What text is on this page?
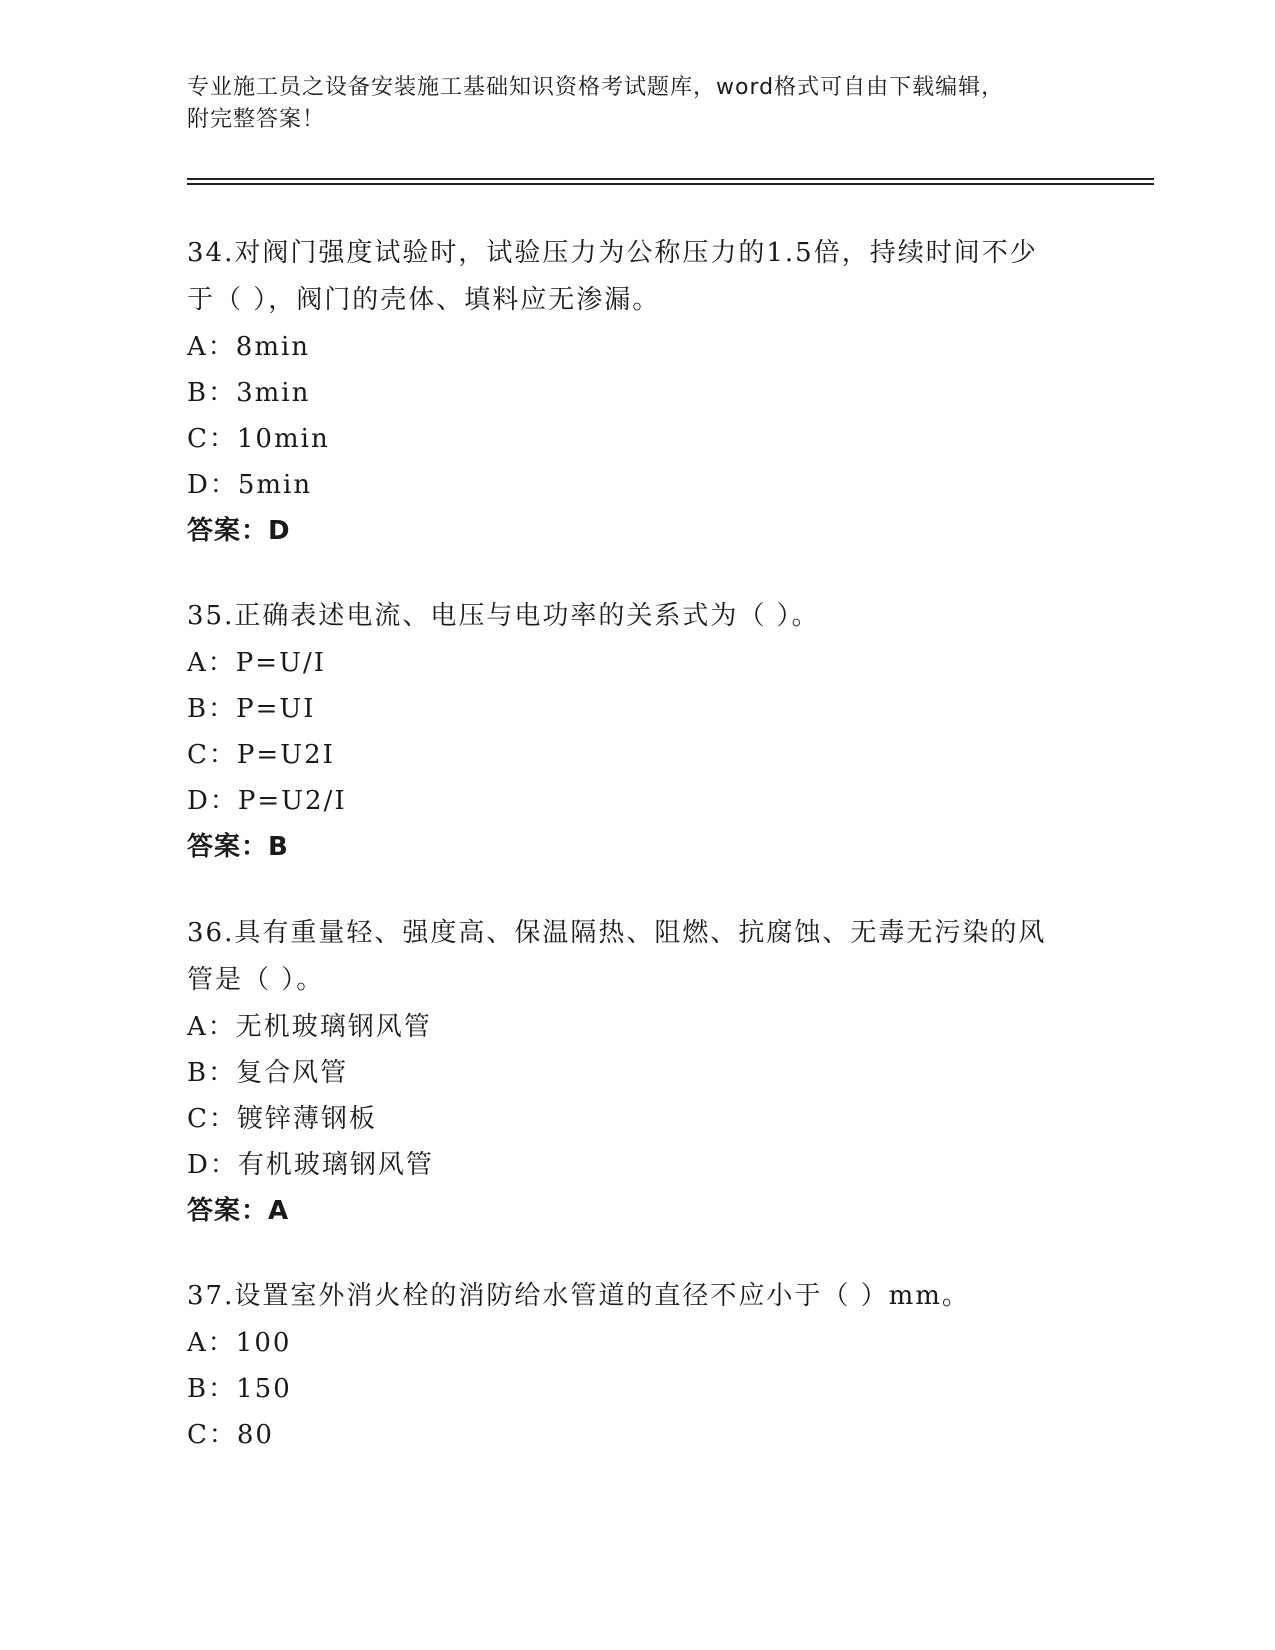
专业施工员之设备安装施工基础知识资格考试题库，word格式可自由下载编辑，
附完整答案！
34.对阀门强度试验时，试验压力为公称压力的1.5倍，持续时间不少
于（ ），阀门的壳体、填料应无渗漏。
A：8min
B：3min
C：10min
D：5min
答案：D
35.正确表述电流、电压与电功率的关系式为（ ）。
A：P=U/I
B：P=UI
C：P=U2I
D：P=U2/I
答案：B
36.具有重量轻、强度高、保温隔热、阻燃、抗腐蚀、无毒无污染的风
管是（ ）。
A：无机玻璃钢风管
B：复合风管
C：镀锌薄钢板
D：有机玻璃钢风管
答案：A
37.设置室外消火栓的消防给水管道的直径不应小于（ ）mm。
A：100
B：150
C：80
